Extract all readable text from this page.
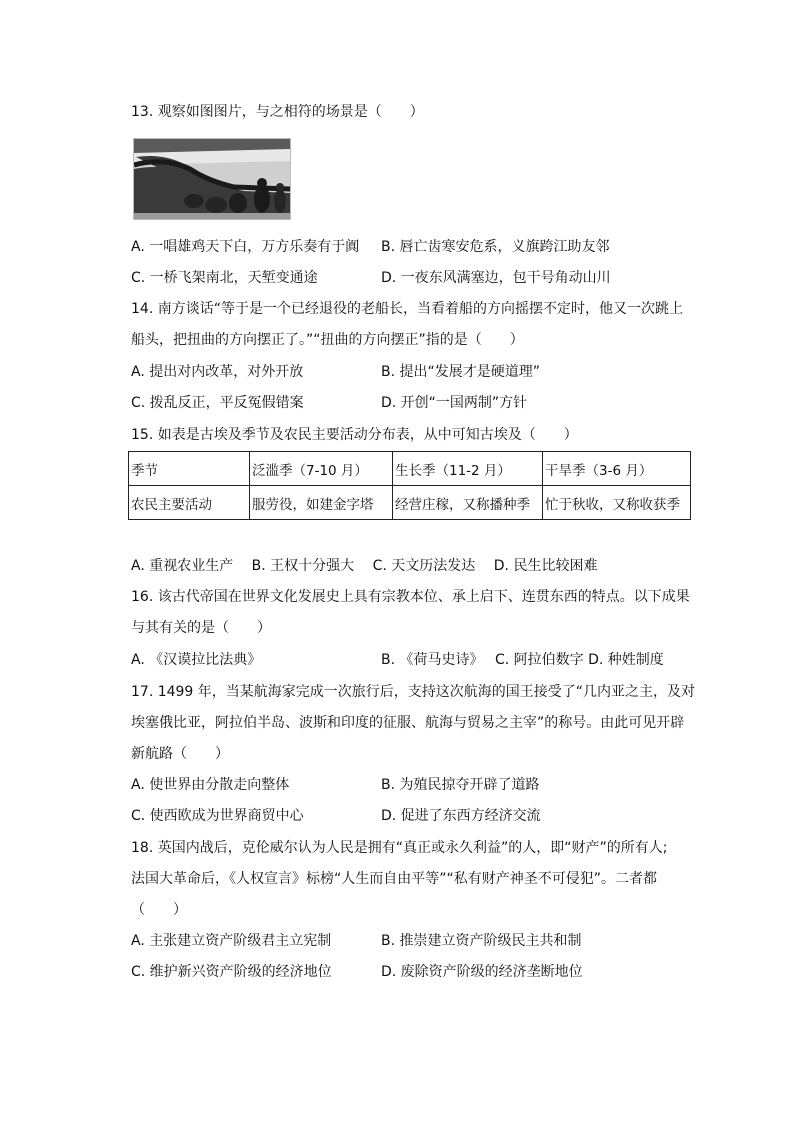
13. 观察如图图片，与之相符的场景是（　　）
A. 一唱雄鸡天下白，万方乐奏有于阗 B. 唇亡齿寒安危系，义旗跨江助友邻
C. 一桥飞架南北，天堑变通途	D. 一夜东风满塞边，包干号角动山川
14. 南方谈话“等于是一个已经退役的老船长，当看着船的方向摇摆不定时，他又一次跳上
船头，把扭曲的方向摆正了。”“扭曲的方向摆正”指的是（　　）
A. 提出对内改革，对外开放	B. 提出“发展才是硬道理”
C. 拨乱反正，平反冤假错案	D. 开创“一国两制”方针
15. 如表是古埃及季节及农民主要活动分布表，从中可知古埃及（　　）
季节	泛滥季（7-10 月）	生长季（11-2 月）	干旱季（3-6 月）
农民主要活动	服劳役，如建金字塔	经营庄稼，又称播种季	忙于秋收，又称收获季
A. 重视农业生产　 B. 王权十分强大　 C. 天文历法发达　 D. 民生比较困难
16. 该古代帝国在世界文化发展史上具有宗教本位、承上启下、连贯东西的特点。以下成果
与其有关的是（　　）
A. 《汉谟拉比法典》	B. 《荷马史诗》　 C. 阿拉伯数字 D. 种姓制度
17. 1499 年，当某航海家完成一次旅行后，支持这次航海的国王接受了“几内亚之主，及对
埃塞俄比亚，阿拉伯半岛、波斯和印度的征服、航海与贸易之主宰”的称号。由此可见开辟
新航路（　　）
A. 使世界由分散走向整体	B. 为殖民掠夺开辟了道路
C. 使西欧成为世界商贸中心	D. 促进了东西方经济交流
18. 英国内战后，克伦威尔认为人民是拥有“真正或永久利益”的人，即“财产”的所有人;
法国大革命后，《人权宣言》标榜“人生而自由平等”“私有财产神圣不可侵犯”。二者都
（　　）
A. 主张建立资产阶级君主立宪制	B. 推崇建立资产阶级民主共和制
C. 维护新兴资产阶级的经济地位	D. 废除资产阶级的经济垄断地位
